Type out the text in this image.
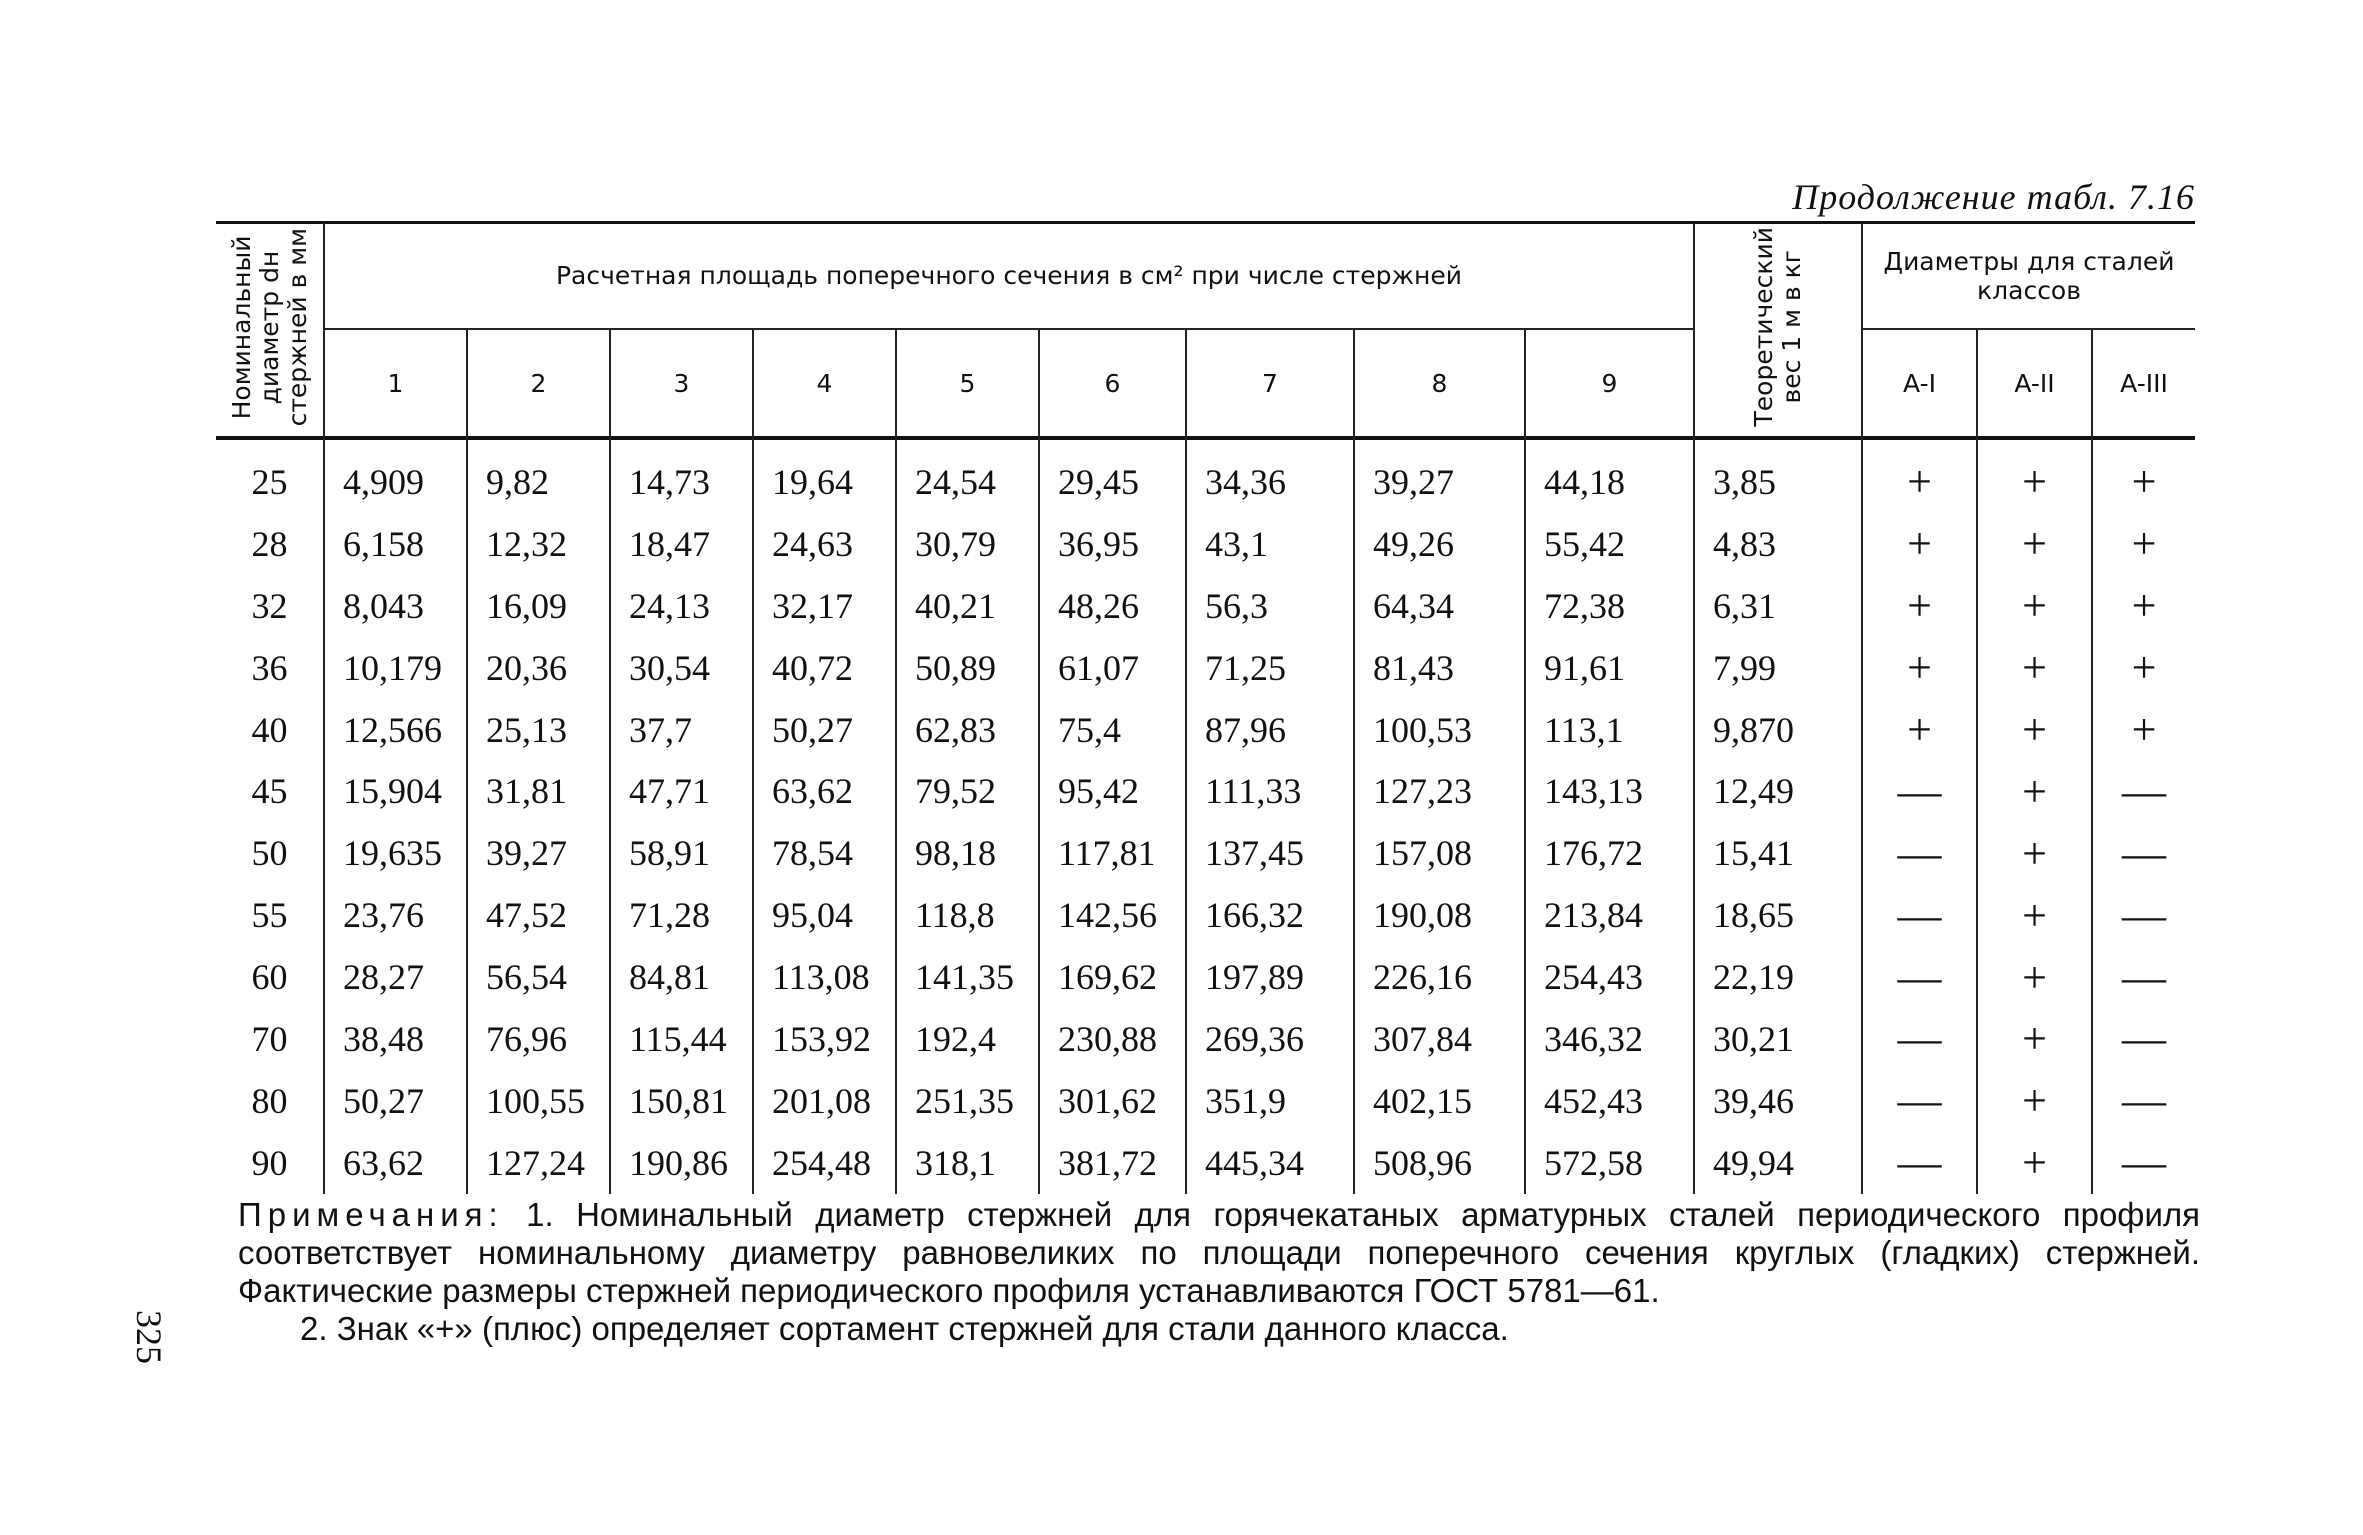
Продолжение табл. 7.16
Номинальный
диаметр dн
стержней в мм	Расчетная площадь поперечного сечения в см² при числе стержней									Теоретический
вес 1 м в кг	Диаметры для сталей классов		
	1	2	3	4	5	6	7	8	9		A-I	A-II	A-III
25	4,909	9,82	14,73	19,64	24,54	29,45	34,36	39,27	44,18	3,85	+	+	+
28	6,158	12,32	18,47	24,63	30,79	36,95	43,1	49,26	55,42	4,83	+	+	+
32	8,043	16,09	24,13	32,17	40,21	48,26	56,3	64,34	72,38	6,31	+	+	+
36	10,179	20,36	30,54	40,72	50,89	61,07	71,25	81,43	91,61	7,99	+	+	+
40	12,566	25,13	37,7	50,27	62,83	75,4	87,96	100,53	113,1	9,870	+	+	+
45	15,904	31,81	47,71	63,62	79,52	95,42	111,33	127,23	143,13	12,49	—	+	—
50	19,635	39,27	58,91	78,54	98,18	117,81	137,45	157,08	176,72	15,41	—	+	—
55	23,76	47,52	71,28	95,04	118,8	142,56	166,32	190,08	213,84	18,65	—	+	—
60	28,27	56,54	84,81	113,08	141,35	169,62	197,89	226,16	254,43	22,19	—	+	—
70	38,48	76,96	115,44	153,92	192,4	230,88	269,36	307,84	346,32	30,21	—	+	—
80	50,27	100,55	150,81	201,08	251,35	301,62	351,9	402,15	452,43	39,46	—	+	—
90	63,62	127,24	190,86	254,48	318,1	381,72	445,34	508,96	572,58	49,94	—	+	—

Примечания: 1. Номинальный диаметр стержней для горячекатаных арматурных сталей периодического профиля соответствует номинальному диаметру равновеликих по площади поперечного сечения круглых (гладких) стержней. Фактические размеры стержней периодического профиля устанавливаются ГОСТ 5781—61.

2. Знак «+» (плюс) определяет сортамент стержней для стали данного класса.

325
